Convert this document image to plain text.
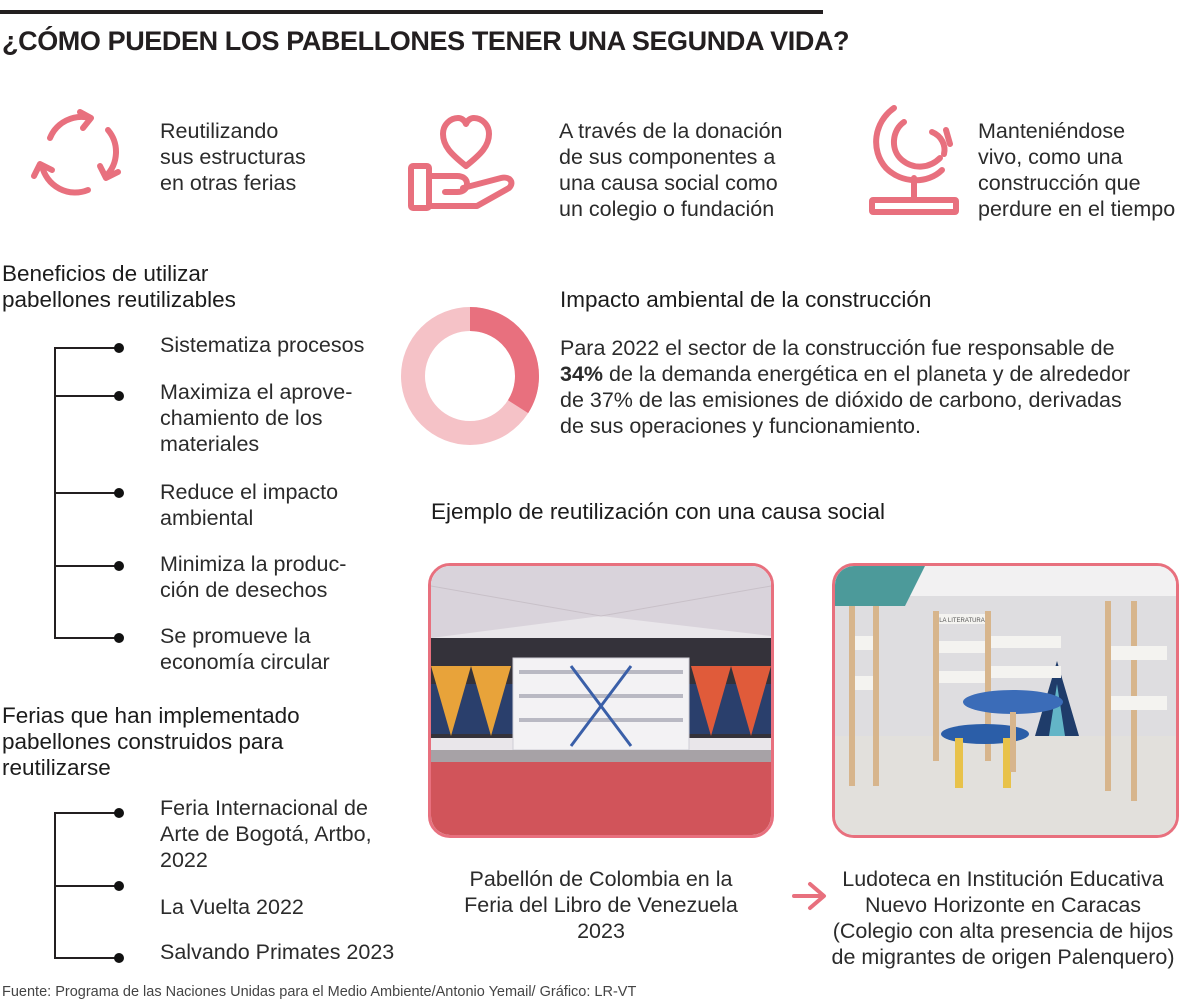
¿CÓMO PUEDEN LOS PABELLONES TENER UNA SEGUNDA VIDA?
Reutilizando
sus estructuras
en otras ferias
A través de la donación
de sus componentes a
una causa social como
un colegio o fundación
Manteniéndose
vivo, como una
construcción que
perdure en el tiempo
Beneficios de utilizar
pabellones reutilizables
Sistematiza procesos
Maximiza el aprove-
chamiento de los
materiales
Reduce el impacto
ambiental
Minimiza la produc-
ción de desechos
Se promueve la
economía circular
Ferias que han implementado
pabellones construidos para
reutilizarse
Feria Internacional de
Arte de Bogotá, Artbo,
2022
La Vuelta 2022
Salvando Primates 2023
Impacto ambiental de la construcción
Para 2022 el sector de la construcción fue responsable de
34% de la demanda energética en el planeta y de alrededor
de 37% de las emisiones de dióxido de carbono, derivadas
de sus operaciones y funcionamiento.
Ejemplo de reutilización con una causa social
LA LITERATURA
Pabellón de Colombia en la
Feria del Libro de Venezuela
2023
Ludoteca en Institución Educativa
Nuevo Horizonte en Caracas
(Colegio con alta presencia de hijos
de migrantes de origen Palenquero)
Fuente: Programa de las Naciones Unidas para el Medio Ambiente/Antonio Yemail/ Gráfico: LR-VT
